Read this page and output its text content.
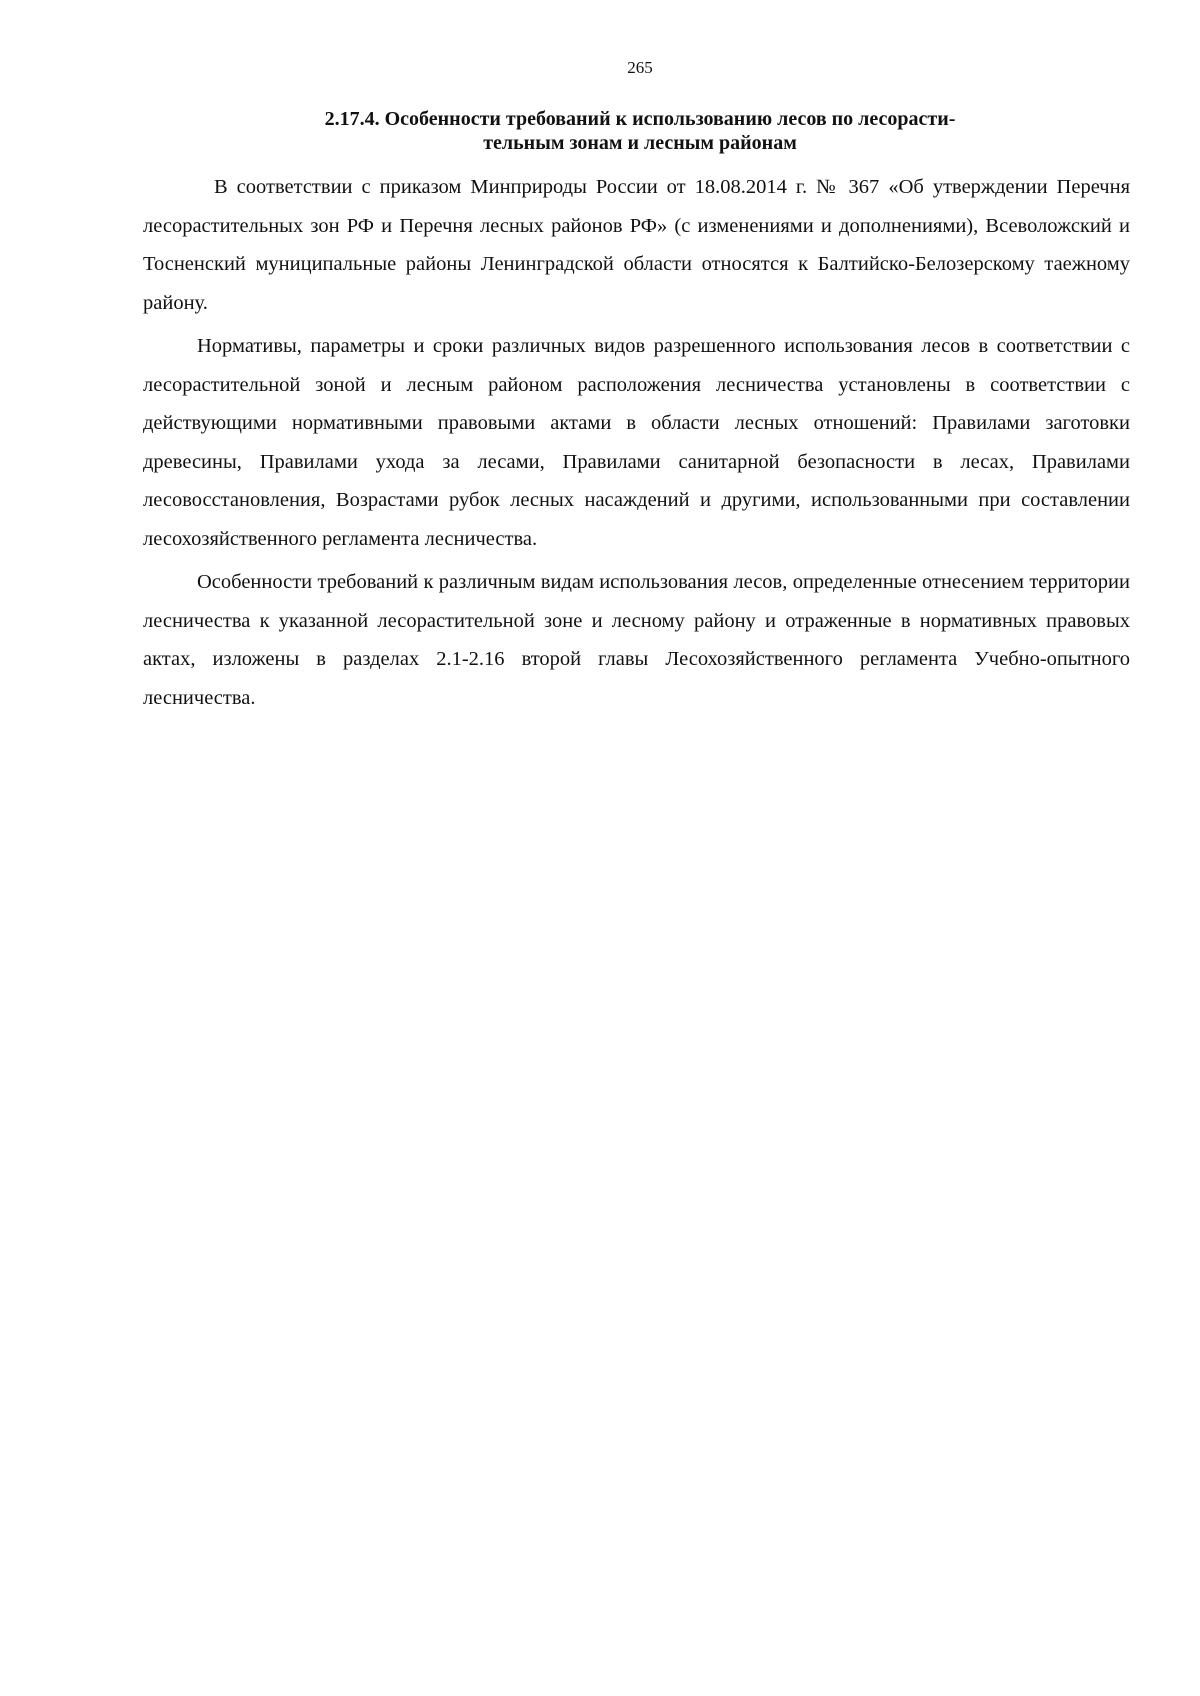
265
2.17.4. Особенности требований к использованию лесов по лесорасти-
тельным зонам и лесным районам

В соответствии с приказом Минприроды России от 18.08.2014 г. № 367 «Об утверждении Перечня лесорастительных зон РФ и Перечня лесных районов РФ» (с изменениями и дополнениями), Всеволожский и Тосненский муниципальные районы Ленинградской области относятся к Балтийско-Белозерскому таежному району.

Нормативы, параметры и сроки различных видов разрешенного использования лесов в соответствии с лесорастительной зоной и лесным районом расположения лесничества установлены в соответствии с действующими нормативными правовыми актами в области лесных отношений: Правилами заготовки древесины, Правилами ухода за лесами, Правилами санитарной безопасности в лесах, Правилами лесовосстановления, Возрастами рубок лесных насаждений и другими, использованными при составлении лесохозяйственного регламента лесничества.

Особенности требований к различным видам использования лесов, определенные отнесением территории лесничества к указанной лесорастительной зоне и лесному району и отраженные в нормативных правовых актах, изложены в разделах 2.1-2.16 второй главы Лесохозяйственного регламента Учебно-опытного лесничества.
